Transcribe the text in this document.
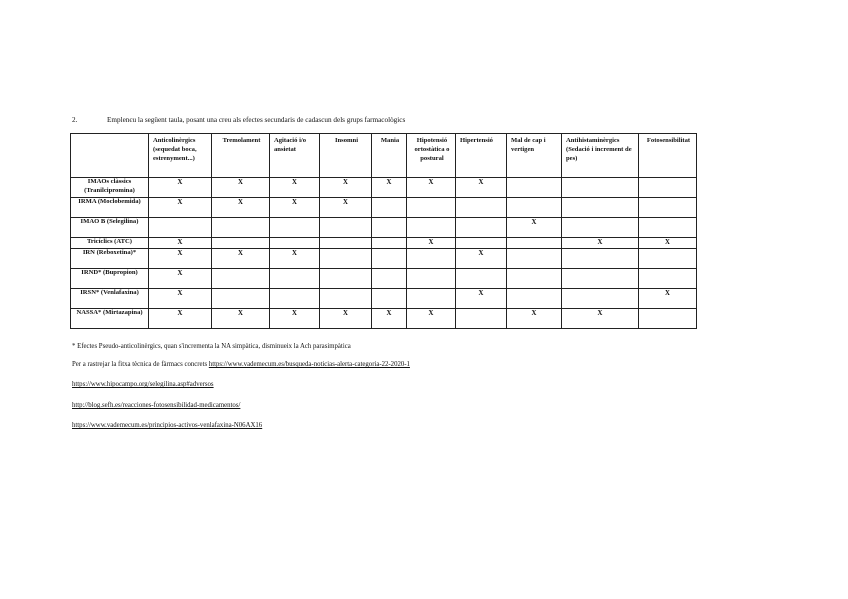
2.	Emplenєu la següent taula, posant una creu als efectes secundaris de cadascun dels grups farmacològics
	Anticolinèrgics (sequedat boca, estrenyment...)	Tremolament	Agitació i/o ansietat	Insomni	Mania	Hipotensió ortostàtica o postural	Hipertensió	Mal de cap i vertigen	Antihistaminèrgics (Sedació i increment de pes)	Fotosensibilitat
IMAOs clàssics (Tranilcipromina)	X	X	X	X	X	X	X			
IRMA (Moclobemida)	X	X	X	X						
IMAO B (Selegilina)								X		
Tricíclics (ATC)	X					X			X	X
IRN (Reboxetina)*	X	X	X				X			
IRND* (Bupropion)	X									
IRSN* (Venlafaxina)	X						X			X
NASSA* (Mirtazapina)	X	X	X	X	X	X		X	X	
* Efectes Pseudo-anticolinèrgics, quan s'incrementa la NA simpàtica, disminueix la Ach parasimpàtica
Per a rastrejar la fitxa tècnica de fàrmacs concrets https://www.vademecum.es/busqueda-noticias-alerta-categoria-22-2020-1
https://www.hipocampo.org/selegilina.asp#adversos
http://blog.sefh.es/reacciones-fotosensibilidad-medicamentos/
https://www.vademecum.es/principios-activos-venlafaxina-N06AX16
